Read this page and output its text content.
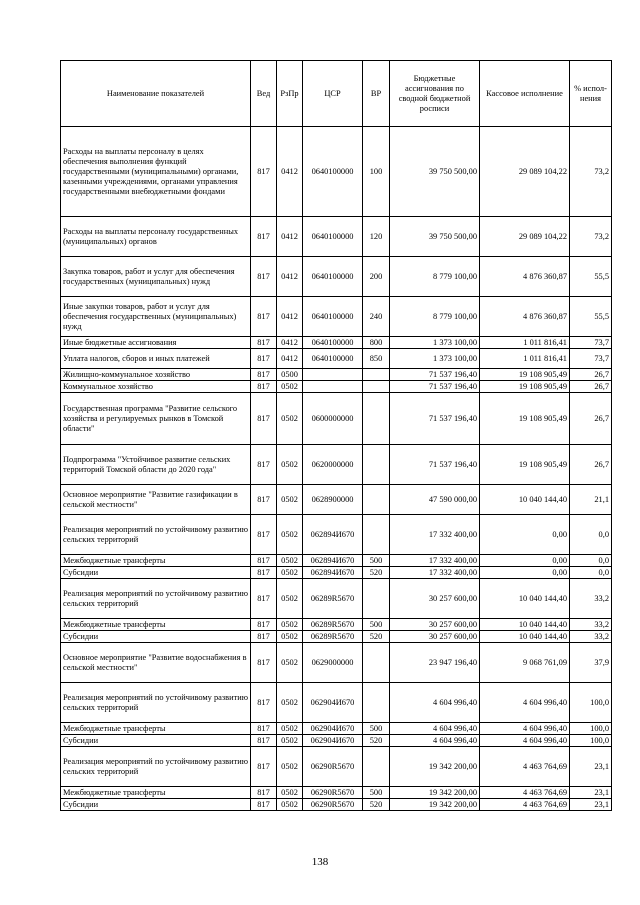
Наименование показателей	Вед	РзПр	ЦСР	ВР	Бюджетные ассигнования по сводной бюджетной росписи	Кассовое исполнение	% испол-нения
Расходы на выплаты персоналу в целях обеспечения выполнения функций государственными (муниципальными) органами, казенными учреждениями, органами управления государственными внебюджетными фондами	817	0412	0640100000	100	39 750 500,00	29 089 104,22	73,2
Расходы на выплаты персоналу государственных (муниципальных) органов	817	0412	0640100000	120	39 750 500,00	29 089 104,22	73,2
Закупка товаров, работ и услуг для обеспечения государственных (муниципальных) нужд	817	0412	0640100000	200	8 779 100,00	4 876 360,87	55,5
Иные закупки товаров, работ и услуг для обеспечения государственных (муниципальных) нужд	817	0412	0640100000	240	8 779 100,00	4 876 360,87	55,5
Иные бюджетные ассигнования	817	0412	0640100000	800	1 373 100,00	1 011 816,41	73,7
Уплата налогов, сборов и иных платежей	817	0412	0640100000	850	1 373 100,00	1 011 816,41	73,7
Жилищно-коммунальное хозяйство	817	0500			71 537 196,40	19 108 905,49	26,7
Коммунальное хозяйство	817	0502			71 537 196,40	19 108 905,49	26,7
Государственная программа "Развитие сельского хозяйства и регулируемых рынков в Томской области"	817	0502	0600000000		71 537 196,40	19 108 905,49	26,7
Подпрограмма "Устойчивое развитие сельских территорий Томской области до 2020 года"	817	0502	0620000000		71 537 196,40	19 108 905,49	26,7
Основное мероприятие "Развитие газификации в сельской местности"	817	0502	0628900000		47 590 000,00	10 040 144,40	21,1
Реализация мероприятий по устойчивому развитию сельских территорий	817	0502	062894И670		17 332 400,00	0,00	0,0
Межбюджетные трансферты	817	0502	062894И670	500	17 332 400,00	0,00	0,0
Субсидии	817	0502	062894И670	520	17 332 400,00	0,00	0,0
Реализация мероприятий по устойчивому развитию сельских территорий	817	0502	06289R5670		30 257 600,00	10 040 144,40	33,2
Межбюджетные трансферты	817	0502	06289R5670	500	30 257 600,00	10 040 144,40	33,2
Субсидии	817	0502	06289R5670	520	30 257 600,00	10 040 144,40	33,2
Основное мероприятие "Развитие водоснабжения в сельской местности"	817	0502	0629000000		23 947 196,40	9 068 761,09	37,9
Реализация мероприятий по устойчивому развитию сельских территорий	817	0502	062904И670		4 604 996,40	4 604 996,40	100,0
Межбюджетные трансферты	817	0502	062904И670	500	4 604 996,40	4 604 996,40	100,0
Субсидии	817	0502	062904И670	520	4 604 996,40	4 604 996,40	100,0
Реализация мероприятий по устойчивому развитию сельских территорий	817	0502	06290R5670		19 342 200,00	4 463 764,69	23,1
Межбюджетные трансферты	817	0502	06290R5670	500	19 342 200,00	4 463 764,69	23,1
Субсидии	817	0502	06290R5670	520	19 342 200,00	4 463 764,69	23,1
138
